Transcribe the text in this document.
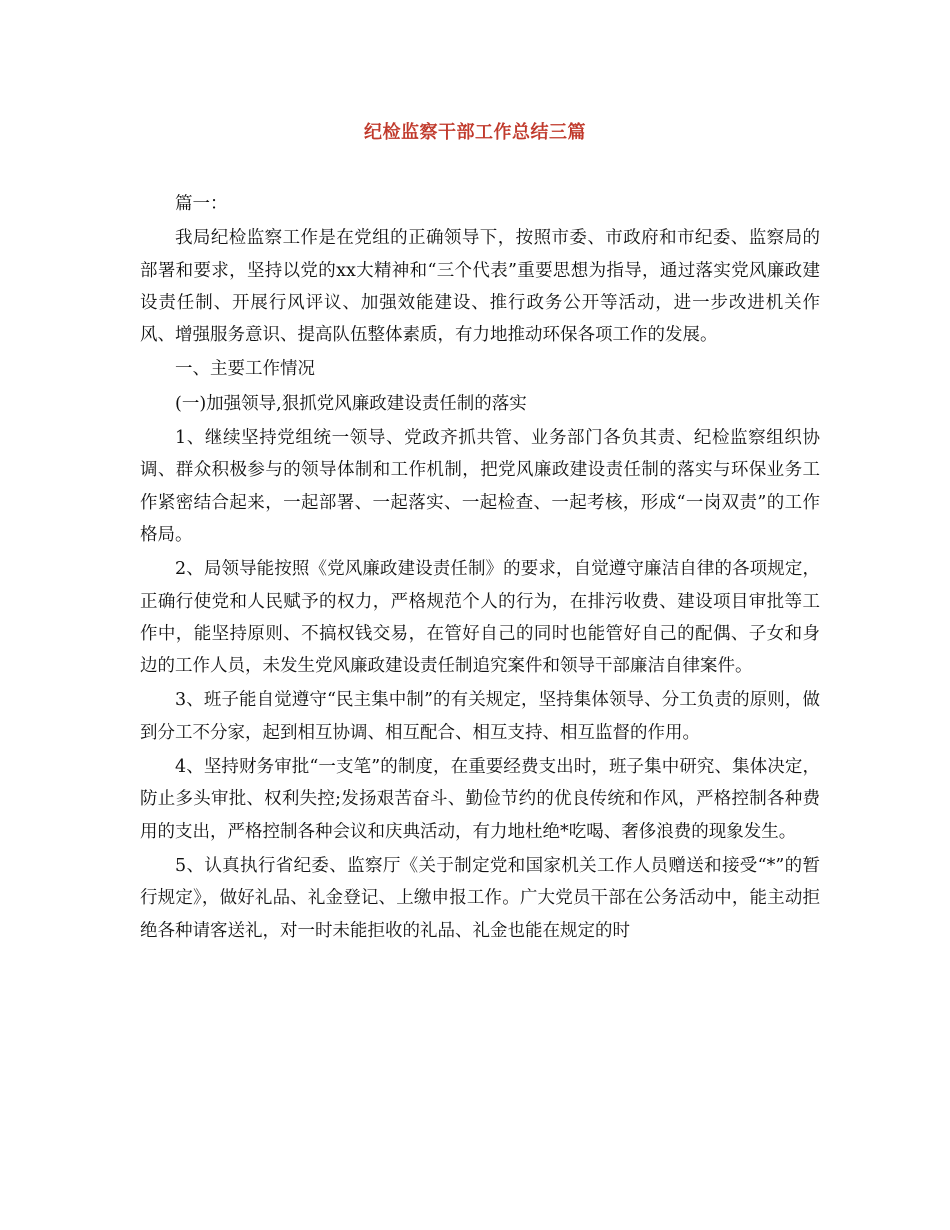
纪检监察干部工作总结三篇

篇一：

我局纪检监察工作是在党组的正确领导下，按照市委、市政府和市纪委、监察局的部署和要求，坚持以党的xx大精神和“三个代表”重要思想为指导，通过落实党风廉政建设责任制、开展行风评议、加强效能建设、推行政务公开等活动，进一步改进机关作风、增强服务意识、提高队伍整体素质，有力地推动环保各项工作的发展。

一、主要工作情况

(一)加强领导,狠抓党风廉政建设责任制的落实

1、继续坚持党组统一领导、党政齐抓共管、业务部门各负其责、纪检监察组织协调、群众积极参与的领导体制和工作机制，把党风廉政建设责任制的落实与环保业务工作紧密结合起来，一起部署、一起落实、一起检查、一起考核，形成“一岗双责”的工作格局。

2、局领导能按照《党风廉政建设责任制》的要求，自觉遵守廉洁自律的各项规定，正确行使党和人民赋予的权力，严格规范个人的行为，在排污收费、建设项目审批等工作中，能坚持原则、不搞权钱交易，在管好自己的同时也能管好自己的配偶、子女和身边的工作人员，未发生党风廉政建设责任制追究案件和领导干部廉洁自律案件。

3、班子能自觉遵守“民主集中制”的有关规定，坚持集体领导、分工负责的原则，做到分工不分家，起到相互协调、相互配合、相互支持、相互监督的作用。

4、坚持财务审批“一支笔”的制度，在重要经费支出时，班子集中研究、集体决定，防止多头审批、权利失控;发扬艰苦奋斗、勤俭节约的优良传统和作风，严格控制各种费用的支出，严格控制各种会议和庆典活动，有力地杜绝*吃喝、奢侈浪费的现象发生。

5、认真执行省纪委、监察厅《关于制定党和国家机关工作人员赠送和接受“*”的暂行规定》，做好礼品、礼金登记、上缴申报工作。广大党员干部在公务活动中，能主动拒绝各种请客送礼，对一时未能拒收的礼品、礼金也能在规定的时
